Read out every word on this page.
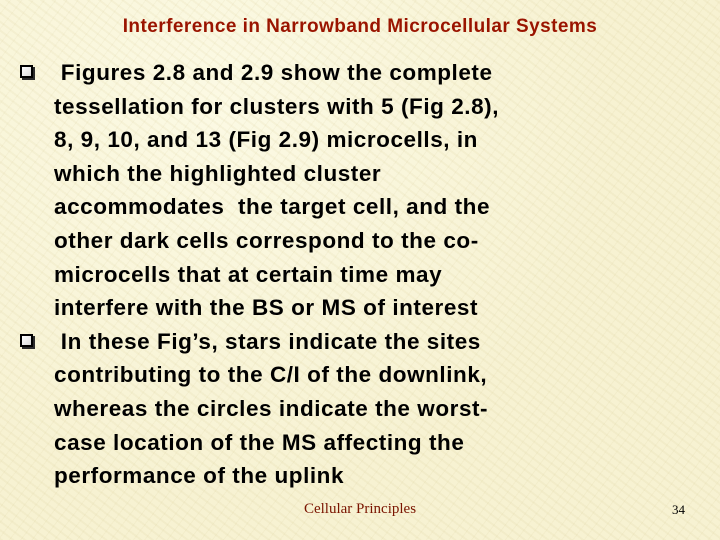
Interference in Narrowband Microcellular Systems
Figures 2.8 and 2.9 show the complete
tessellation for clusters with 5 (Fig 2.8),
8, 9, 10, and 13 (Fig 2.9) microcells, in
which the highlighted cluster
accommodates  the target cell, and the
other dark cells correspond to the co-
microcells that at certain time may
interfere with the BS or MS of interest
In these Fig’s, stars indicate the sites
contributing to the C/I of the downlink,
whereas the circles indicate the worst-
case location of the MS affecting the
performance of the uplink
Cellular Principles	34
